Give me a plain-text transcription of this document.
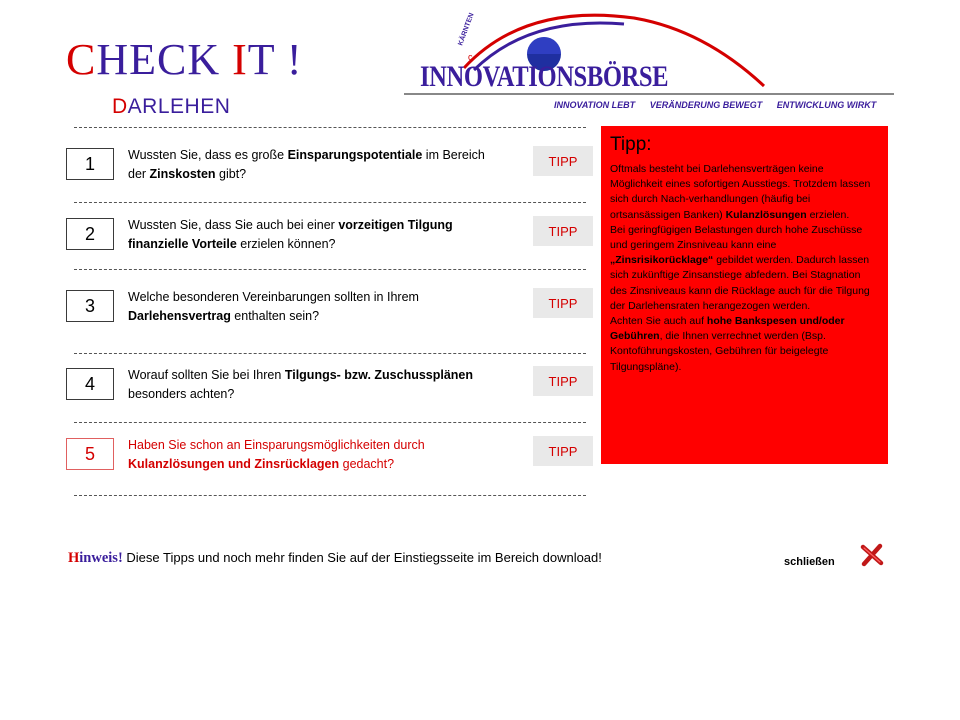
CHECK IT !
DARLEHEN
KÄRNTEN
c
INNOVATIONSBÖRSE
INNOVATION LEBT VERÄNDERUNG BEWEGT ENTWICKLUNG WIRKT
1	Wussten Sie, dass es große Einsparungspotentiale im Bereich der Zinskosten gibt?
TIPP
2	Wussten Sie, dass Sie auch bei einer vorzeitigen Tilgung finanzielle Vorteile erzielen können?
TIPP
3	Welche besonderen Vereinbarungen sollten in Ihrem Darlehensvertrag enthalten sein?
TIPP
4	Worauf sollten Sie bei Ihren Tilgungs- bzw. Zuschussplänen besonders achten?
TIPP
5	Haben Sie schon an Einsparungsmöglichkeiten durch Kulanzlösungen und Zinsrücklagen gedacht?
TIPP
Tipp:
Oftmals besteht bei Darlehensverträgen keine Möglichkeit eines sofortigen Ausstiegs. Trotzdem lassen sich durch Nach-verhandlungen (häufig bei ortsansässigen Banken) Kulanzlösungen erzielen.
Bei geringfügigen Belastungen durch hohe Zuschüsse und geringem Zinsniveau kann eine „Zinsrisikorücklage“ gebildet werden. Dadurch lassen sich zukünftige Zinsanstiege abfedern. Bei Stagnation des Zinsniveaus kann die Rücklage auch für die Tilgung der Darlehensraten herangezogen werden.
Achten Sie auch auf hohe Bankspesen und/oder Gebühren, die Ihnen verrechnet werden (Bsp. Kontoführungskosten, Gebühren für beigelegte Tilgungspläne).
Hinweis! Diese Tipps und noch mehr finden Sie auf der Einstiegsseite im Bereich download!	schließen
